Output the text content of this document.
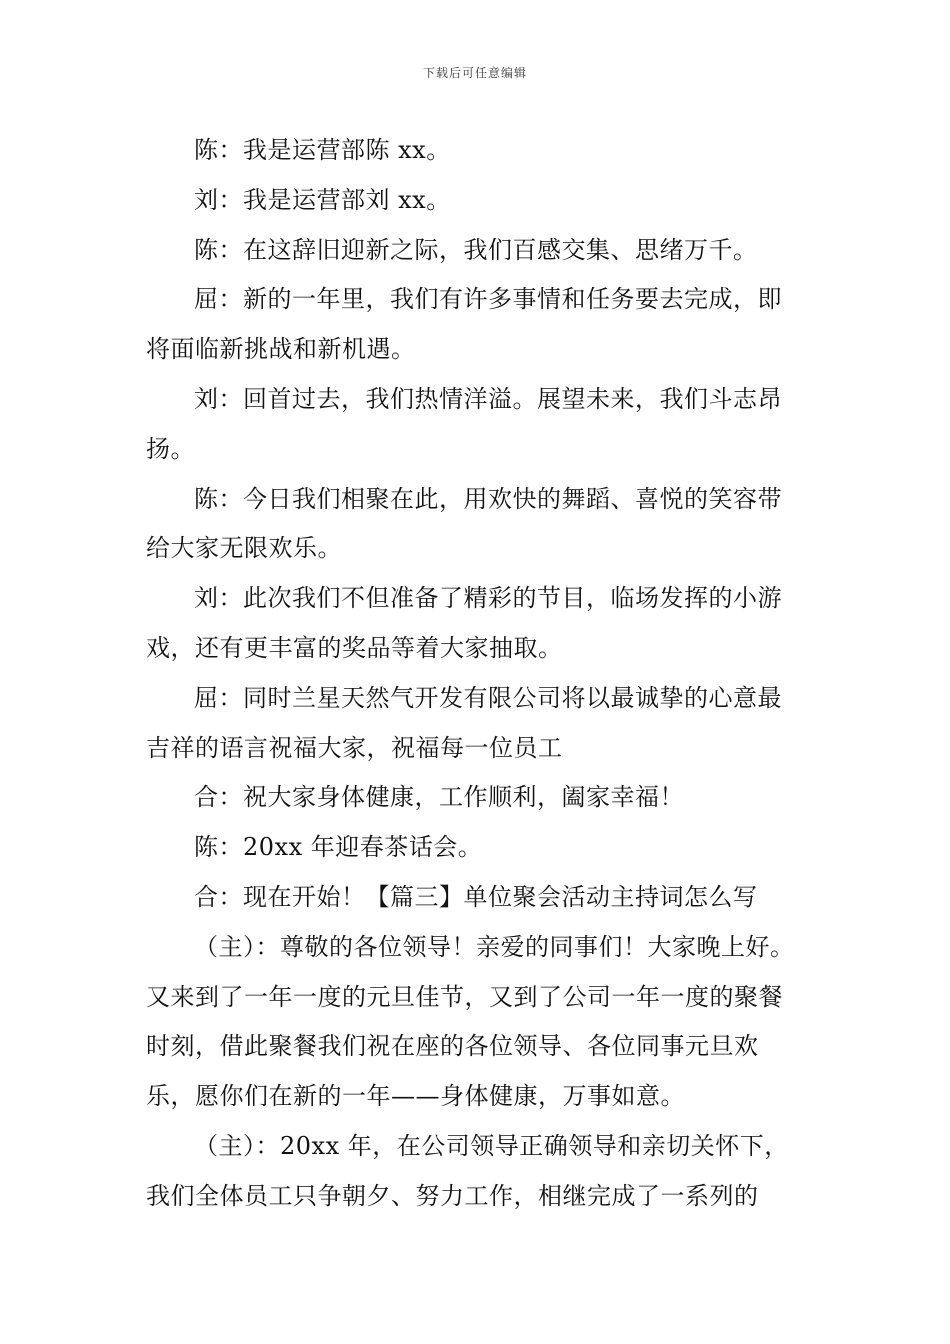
下载后可任意编辑

陈：我是运营部陈 xx。

刘：我是运营部刘 xx。

陈：在这辞旧迎新之际，我们百感交集、思绪万千。

屈：新的一年里，我们有许多事情和任务要去完成，即将面临新挑战和新机遇。

刘：回首过去，我们热情洋溢。展望未来，我们斗志昂扬。

陈：今日我们相聚在此，用欢快的舞蹈、喜悦的笑容带给大家无限欢乐。

刘：此次我们不但准备了精彩的节目，临场发挥的小游戏，还有更丰富的奖品等着大家抽取。

屈：同时兰星天然气开发有限公司将以最诚挚的心意最吉祥的语言祝福大家，祝福每一位员工

合：祝大家身体健康，工作顺利，阖家幸福！

陈：20xx 年迎春茶话会。

合：现在开始！【篇三】单位聚会活动主持词怎么写

（主）：尊敬的各位领导！亲爱的同事们！大家晚上好。又来到了一年一度的元旦佳节，又到了公司一年一度的聚餐时刻，借此聚餐我们祝在座的各位领导、各位同事元旦欢乐，愿你们在新的一年——身体健康，万事如意。

（主）：20xx 年，在公司领导正确领导和亲切关怀下，我们全体员工只争朝夕、努力工作，相继完成了一系列的
